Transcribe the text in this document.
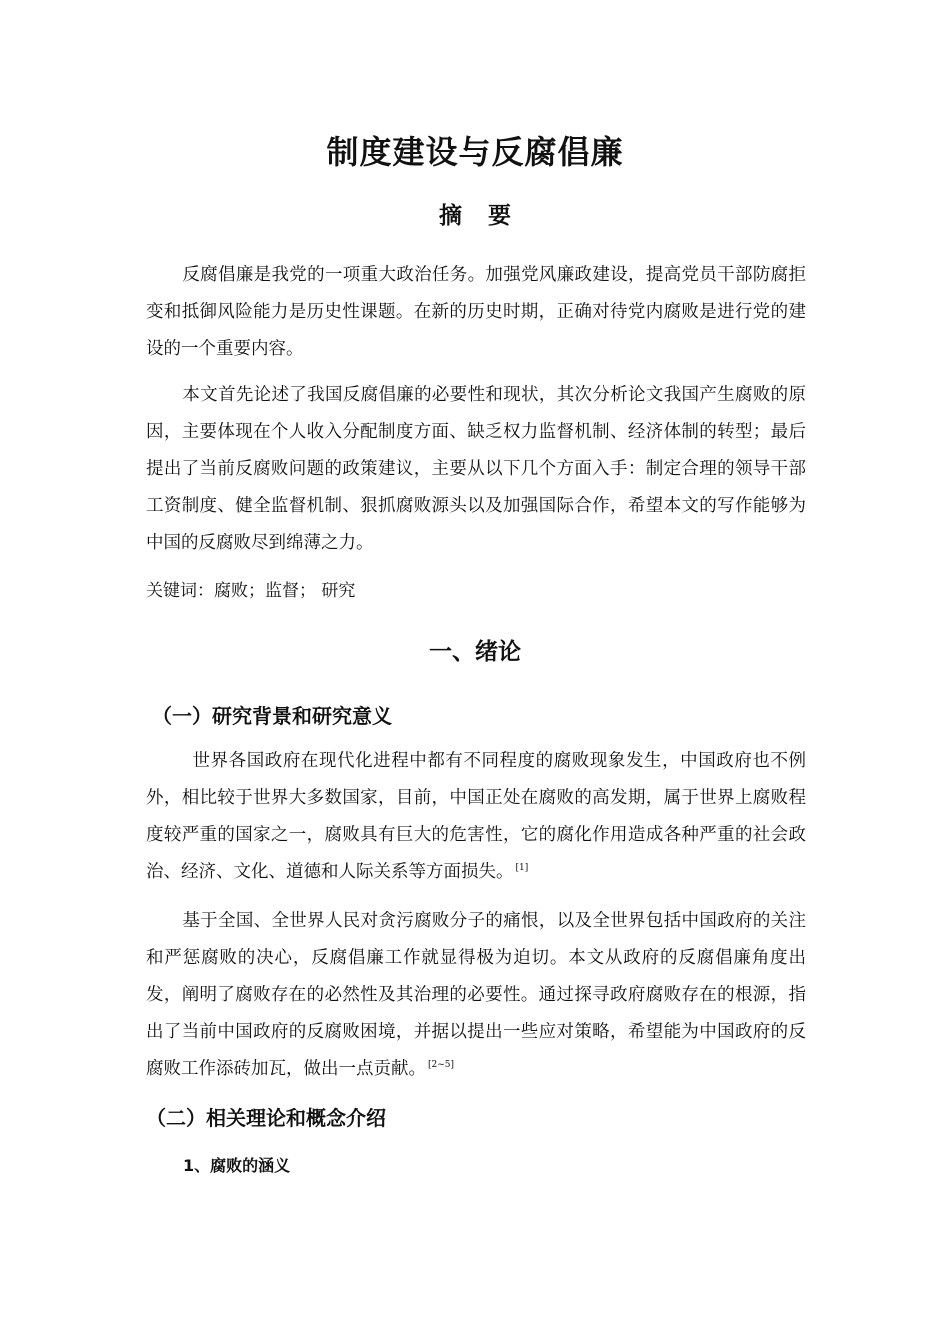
制度建设与反腐倡廉
摘要

反腐倡廉是我党的一项重大政治任务。加强党风廉政建设，提高党员干部防腐拒变和抵御风险能力是历史性课题。在新的历史时期，正确对待党内腐败是进行党的建设的一个重要内容。

本文首先论述了我国反腐倡廉的必要性和现状，其次分析论文我国产生腐败的原因，主要体现在个人收入分配制度方面、缺乏权力监督机制、经济体制的转型；最后提出了当前反腐败问题的政策建议，主要从以下几个方面入手：制定合理的领导干部工资制度、健全监督机制、狠抓腐败源头以及加强国际合作，希望本文的写作能够为中国的反腐败尽到绵薄之力。

关键词：腐败；监督； 研究

一、绪论
（一）研究背景和研究意义

世界各国政府在现代化进程中都有不同程度的腐败现象发生，中国政府也不例外，相比较于世界大多数国家，目前，中国正处在腐败的高发期，属于世界上腐败程度较严重的国家之一，腐败具有巨大的危害性，它的腐化作用造成各种严重的社会政治、经济、文化、道德和人际关系等方面损失。 [1]

基于全国、全世界人民对贪污腐败分子的痛恨，以及全世界包括中国政府的关注和严惩腐败的决心，反腐倡廉工作就显得极为迫切。本文从政府的反腐倡廉角度出发，阐明了腐败存在的必然性及其治理的必要性。通过探寻政府腐败存在的根源，指出了当前中国政府的反腐败困境，并据以提出一些应对策略，希望能为中国政府的反腐败工作添砖加瓦，做出一点贡献。 [2~5]

（二）相关理论和概念介绍
1、腐败的涵义
